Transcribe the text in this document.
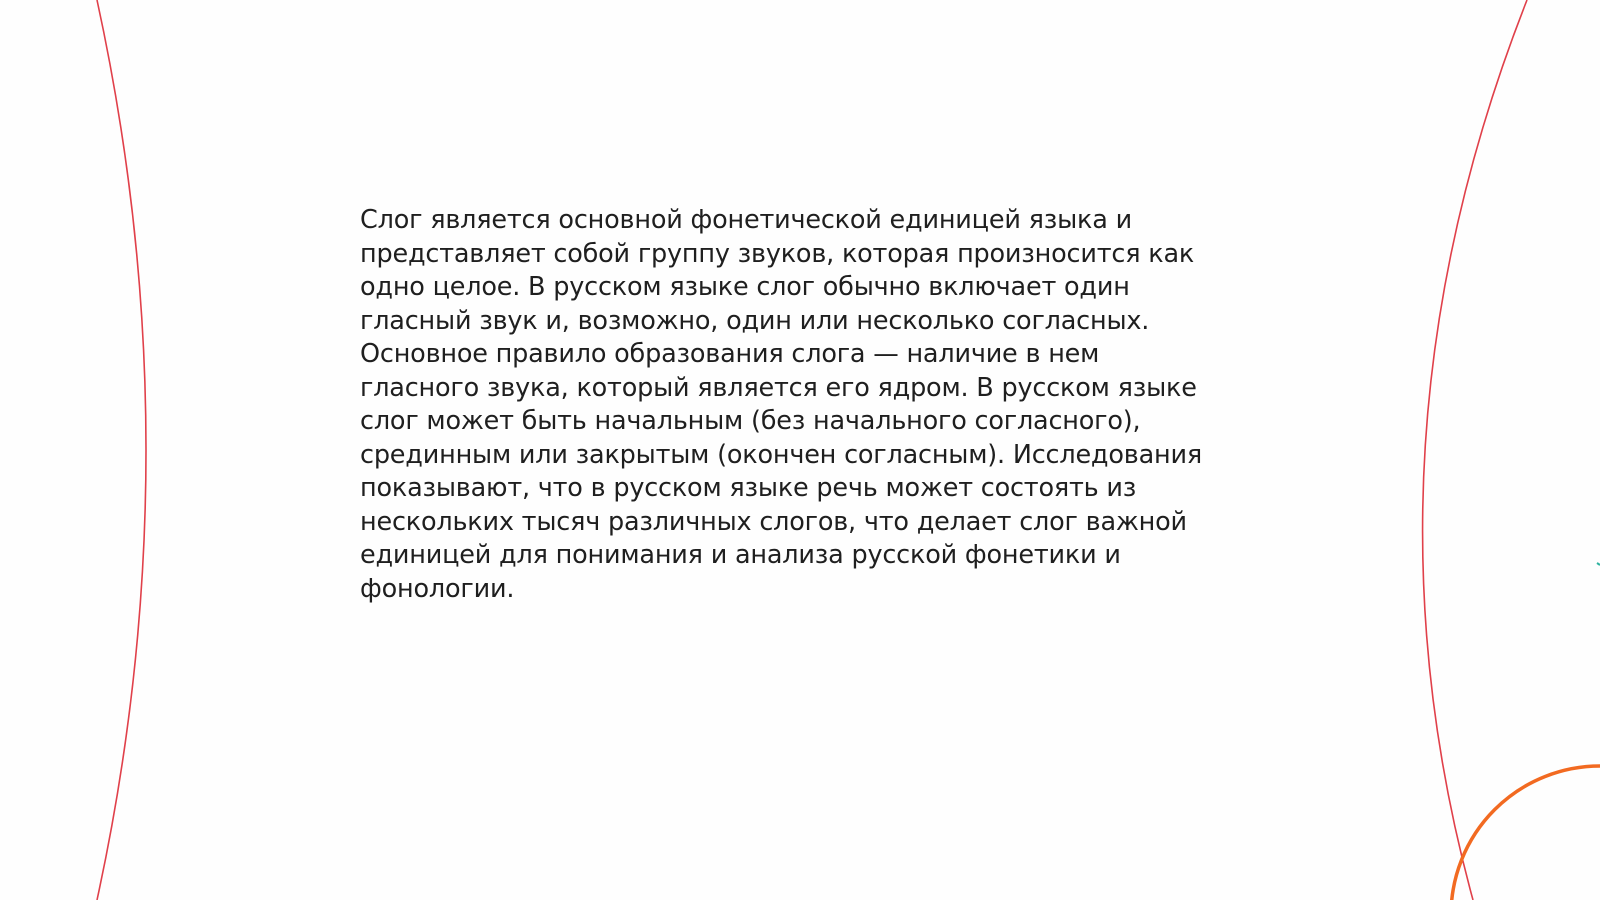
Слог является основной фонетической единицей языка и
представляет собой группу звуков, которая произносится как
одно целое. В русском языке слог обычно включает один
гласный звук и, возможно, один или несколько согласных.
Основное правило образования слога — наличие в нем
гласного звука, который является его ядром. В русском языке
слог может быть начальным (без начального согласного),
срединным или закрытым (окончен согласным). Исследования
показывают, что в русском языке речь может состоять из
нескольких тысяч различных слогов, что делает слог важной
единицей для понимания и анализа русской фонетики и
фонологии.
